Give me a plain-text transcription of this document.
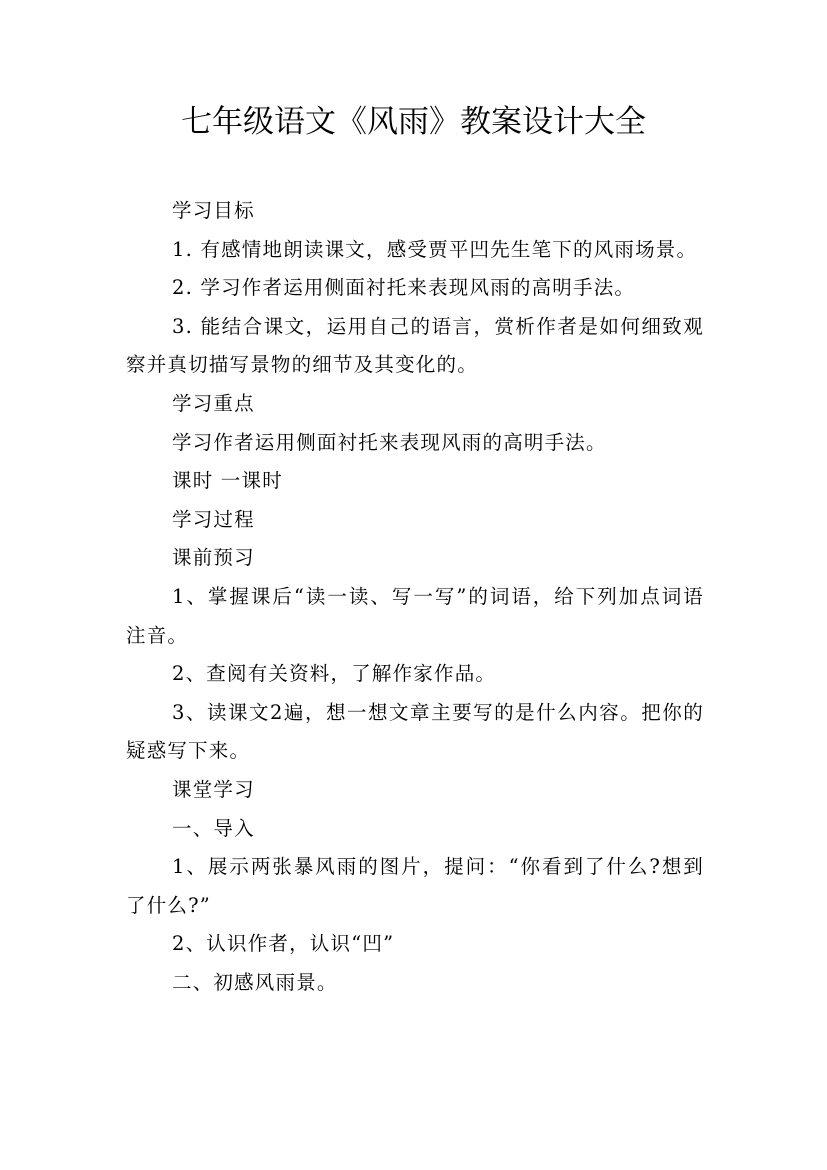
七年级语文《风雨》教案设计大全

学习目标

1. 有感情地朗读课文，感受贾平凹先生笔下的风雨场景。

2. 学习作者运用侧面衬托来表现风雨的高明手法。

3. 能结合课文，运用自己的语言，赏析作者是如何细致观察并真切描写景物的细节及其变化的。

学习重点

学习作者运用侧面衬托来表现风雨的高明手法。

课时 一课时

学习过程

课前预习

1、掌握课后“读一读、写一写”的词语，给下列加点词语注音。

2、查阅有关资料，了解作家作品。

3、读课文2遍，想一想文章主要写的是什么内容。把你的疑惑写下来。

课堂学习

一、导入

1、展示两张暴风雨的图片，提问：“你看到了什么?想到了什么?”

2、认识作者，认识“凹”

二、初感风雨景。
